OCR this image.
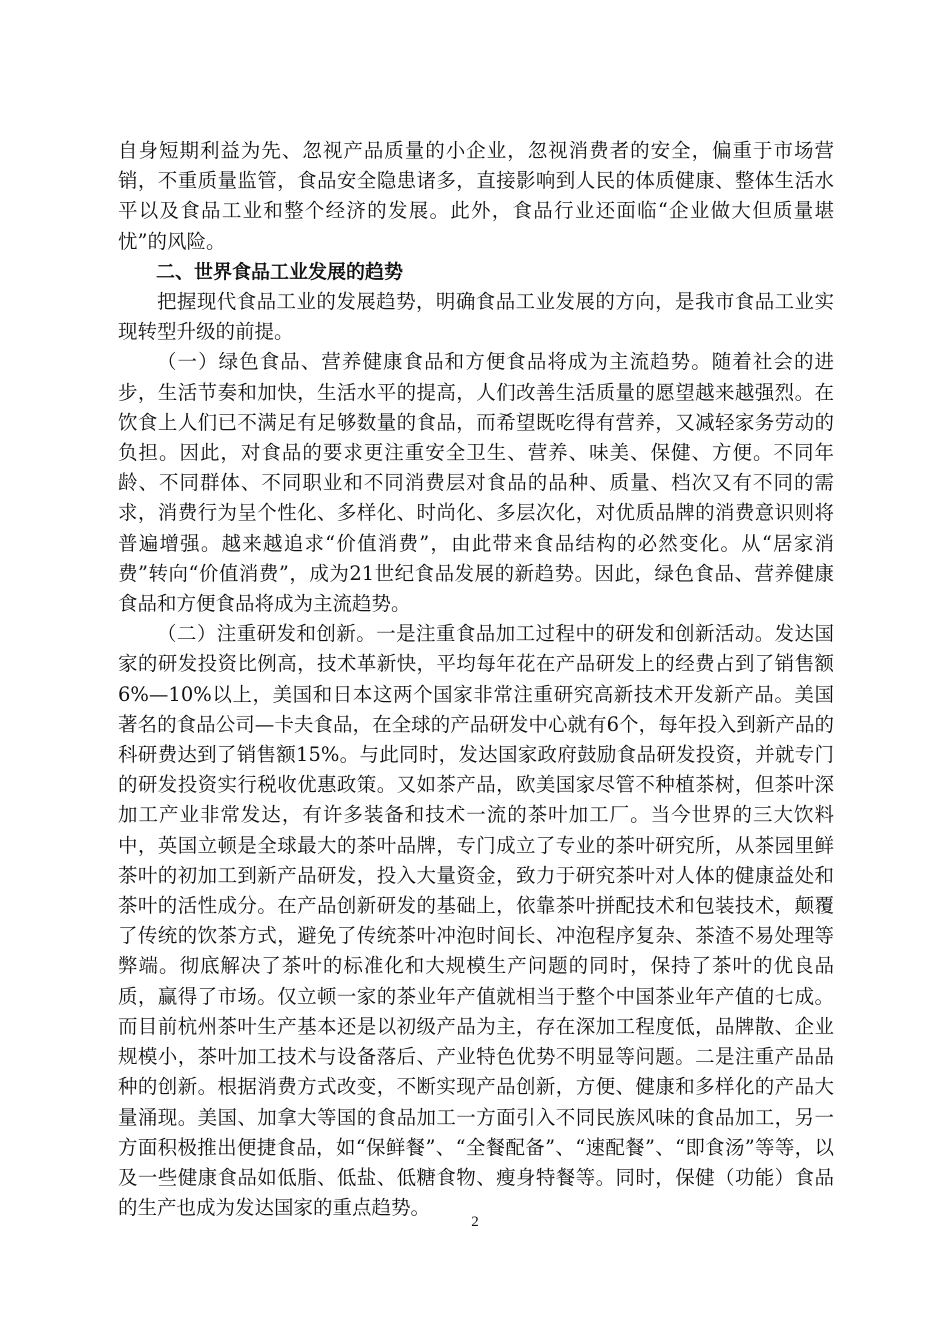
自身短期利益为先、忽视产品质量的小企业，忽视消费者的安全，偏重于市场营销，不重质量监管，食品安全隐患诸多，直接影响到人民的体质健康、整体生活水平以及食品工业和整个经济的发展。此外，食品行业还面临“企业做大但质量堪忧”的风险。

二、世界食品工业发展的趋势

把握现代食品工业的发展趋势，明确食品工业发展的方向，是我市食品工业实现转型升级的前提。

（一）绿色食品、营养健康食品和方便食品将成为主流趋势。随着社会的进步，生活节奏和加快，生活水平的提高，人们改善生活质量的愿望越来越强烈。在饮食上人们已不满足有足够数量的食品，而希望既吃得有营养，又减轻家务劳动的负担。因此，对食品的要求更注重安全卫生、营养、味美、保健、方便。不同年龄、不同群体、不同职业和不同消费层对食品的品种、质量、档次又有不同的需求，消费行为呈个性化、多样化、时尚化、多层次化，对优质品牌的消费意识则将普遍增强。越来越追求“价值消费”，由此带来食品结构的必然变化。从“居家消费”转向“价值消费”，成为21世纪食品发展的新趋势。因此，绿色食品、营养健康食品和方便食品将成为主流趋势。

（二）注重研发和创新。一是注重食品加工过程中的研发和创新活动。发达国家的研发投资比例高，技术革新快，平均每年花在产品研发上的经费占到了销售额6%—10%以上，美国和日本这两个国家非常注重研究高新技术开发新产品。美国著名的食品公司—卡夫食品，在全球的产品研发中心就有6个，每年投入到新产品的科研费达到了销售额15%。与此同时，发达国家政府鼓励食品研发投资，并就专门的研发投资实行税收优惠政策。又如茶产品，欧美国家尽管不种植茶树，但茶叶深加工产业非常发达，有许多装备和技术一流的茶叶加工厂。当今世界的三大饮料中，英国立顿是全球最大的茶叶品牌，专门成立了专业的茶叶研究所，从茶园里鲜茶叶的初加工到新产品研发，投入大量资金，致力于研究茶叶对人体的健康益处和茶叶的活性成分。在产品创新研发的基础上，依靠茶叶拼配技术和包装技术，颠覆了传统的饮茶方式，避免了传统茶叶冲泡时间长、冲泡程序复杂、茶渣不易处理等弊端。彻底解决了茶叶的标准化和大规模生产问题的同时，保持了茶叶的优良品质，赢得了市场。仅立顿一家的茶业年产值就相当于整个中国茶业年产值的七成。而目前杭州茶叶生产基本还是以初级产品为主，存在深加工程度低，品牌散、企业规模小，茶叶加工技术与设备落后、产业特色优势不明显等问题。二是注重产品品种的创新。根据消费方式改变，不断实现产品创新，方便、健康和多样化的产品大量涌现。美国、加拿大等国的食品加工一方面引入不同民族风味的食品加工，另一方面积极推出便捷食品，如“保鲜餐”、“全餐配备”、“速配餐”、“即食汤”等等，以及一些健康食品如低脂、低盐、低糖食物、瘦身特餐等。同时，保健（功能）食品的生产也成为发达国家的重点趋势。

2
